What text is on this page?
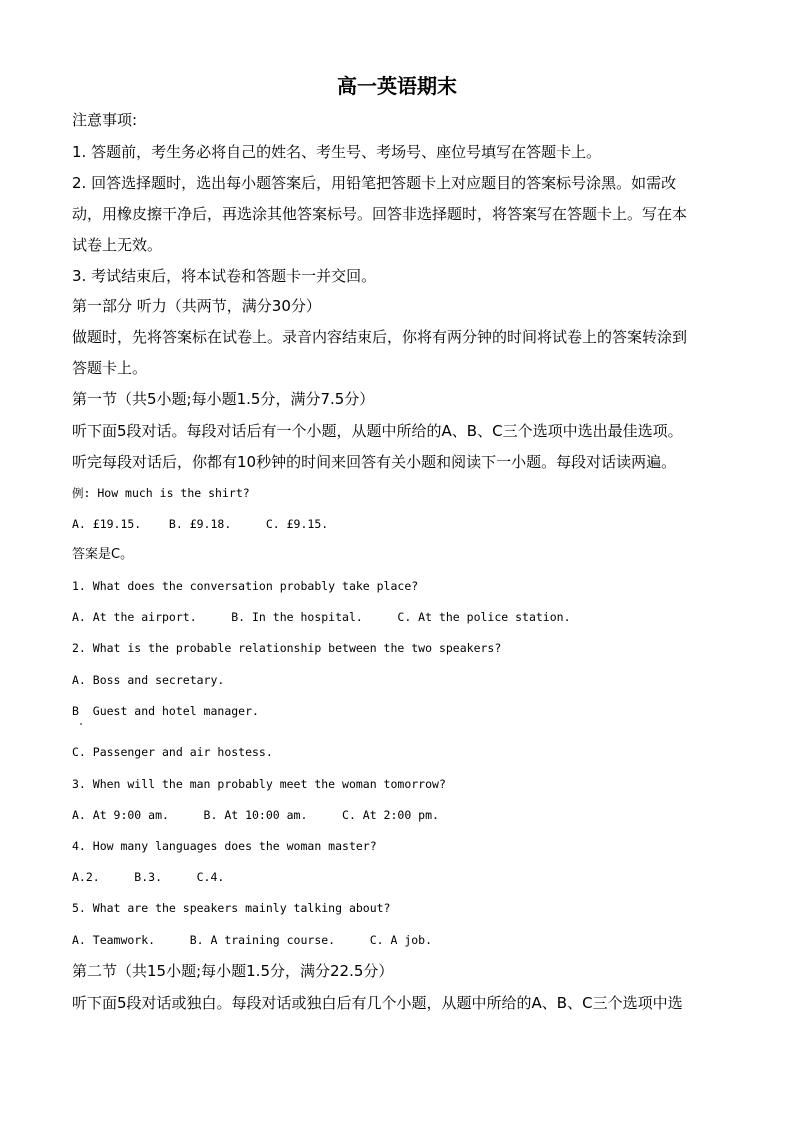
高一英语期末
注意事项:
1. 答题前，考生务必将自己的姓名、考生号、考场号、座位号填写在答题卡上。
2. 回答选择题时，选出每小题答案后，用铅笔把答题卡上对应题目的答案标号涂黑。如需改
动，用橡皮擦干净后，再选涂其他答案标号。回答非选择题时，将答案写在答题卡上。写在本
试卷上无效。
3. 考试结束后，将本试卷和答题卡一并交回。
第一部分 听力（共两节，满分30分）
做题时，先将答案标在试卷上。录音内容结束后，你将有两分钟的时间将试卷上的答案转涂到
答题卡上。
第一节（共5小题;每小题1.5分，满分7.5分）
听下面5段对话。每段对话后有一个小题，从题中所给的A、B、C三个选项中选出最佳选项。
听完每段对话后，你都有10秒钟的时间来回答有关小题和阅读下一小题。每段对话读两遍。
例: How much is the shirt?
A. £19.15.    B. £9.18.     C. £9.15.
答案是C。
1. What does the conversation probably take place?
A. At the airport.     B. In the hospital.     C. At the police station.
2. What is the probable relationship between the two speakers?
A. Boss and secretary.
B  Guest and hotel manager.
C. Passenger and air hostess.
3. When will the man probably meet the woman tomorrow?
A. At 9:00 am.     B. At 10:00 am.     C. At 2:00 pm.
4. How many languages does the woman master?
A.2.     B.3.     C.4.
5. What are the speakers mainly talking about?
A. Teamwork.     B. A training course.     C. A job.
第二节（共15小题;每小题1.5分，满分22.5分）
听下面5段对话或独白。每段对话或独白后有几个小题，从题中所给的A、B、C三个选项中选
